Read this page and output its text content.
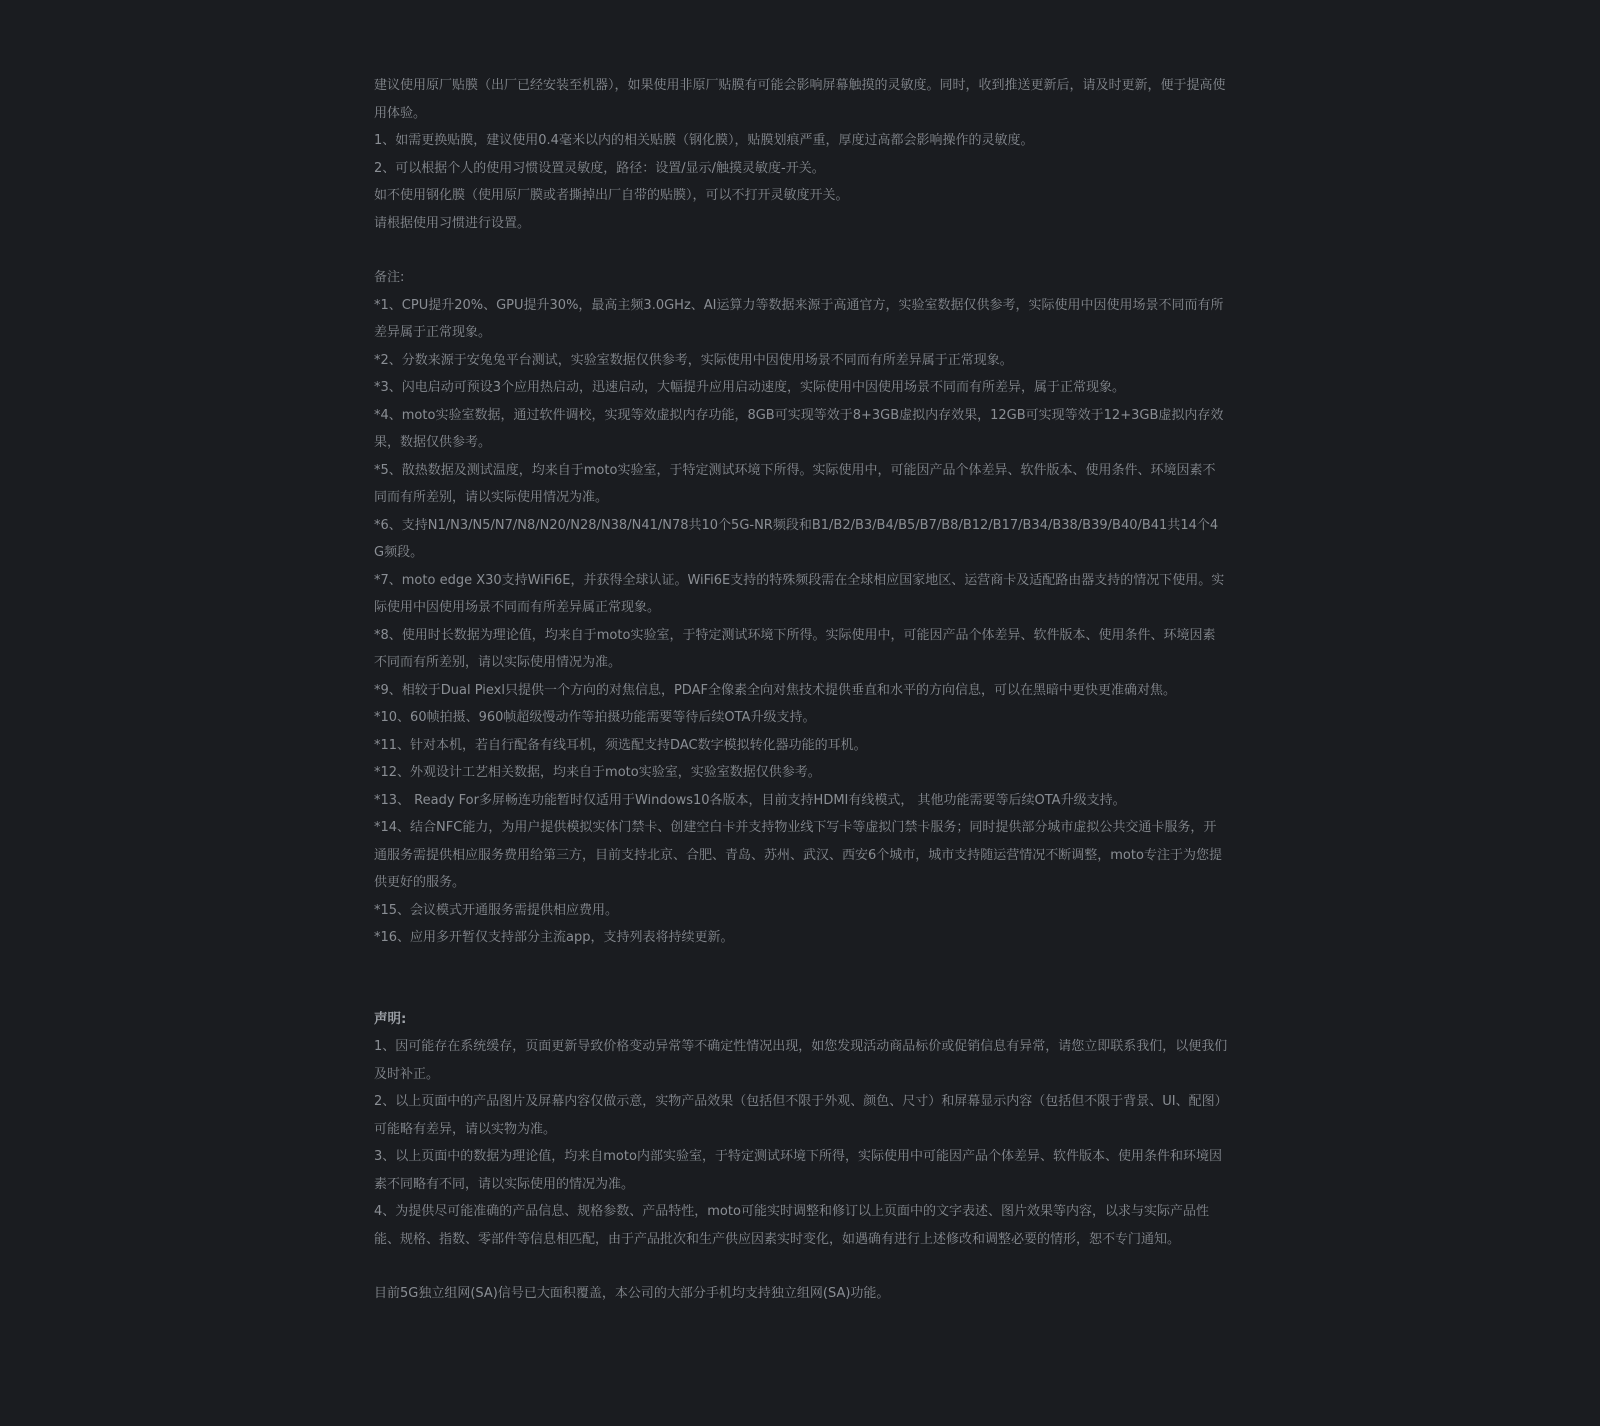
建议使用原厂贴膜（出厂已经安装至机器），如果使用非原厂贴膜有可能会影响屏幕触摸的灵敏度。同时，收到推送更新后，请及时更新，便于提高使用体验。

1、如需更换贴膜，建议使用0.4毫米以内的相关贴膜（钢化膜），贴膜划痕严重，厚度过高都会影响操作的灵敏度。

2、可以根据个人的使用习惯设置灵敏度，路径：设置/显示/触摸灵敏度-开关。

如不使用钢化膜（使用原厂膜或者撕掉出厂自带的贴膜），可以不打开灵敏度开关。

请根据使用习惯进行设置。

备注:

*1、CPU提升20%、GPU提升30%，最高主频3.0GHz、AI运算力等数据来源于高通官方，实验室数据仅供参考，实际使用中因使用场景不同而有所差异属于正常现象。

*2、分数来源于安兔兔平台测试，实验室数据仅供参考，实际使用中因使用场景不同而有所差异属于正常现象。

*3、闪电启动可预设3个应用热启动，迅速启动，大幅提升应用启动速度，实际使用中因使用场景不同而有所差异，属于正常现象。

*4、moto实验室数据，通过软件调校，实现等效虚拟内存功能，8GB可实现等效于8+3GB虚拟内存效果，12GB可实现等效于12+3GB虚拟内存效果，数据仅供参考。

*5、散热数据及测试温度，均来自于moto实验室，于特定测试环境下所得。实际使用中，可能因产品个体差异、软件版本、使用条件、环境因素不同而有所差别，请以实际使用情况为准。

*6、支持N1/N3/N5/N7/N8/N20/N28/N38/N41/N78共10个5G-NR频段和B1/B2/B3/B4/B5/B7/B8/B12/B17/B34/B38/B39/B40/B41共14个4G频段。

*7、moto edge X30支持WiFi6E，并获得全球认证。WiFi6E支持的特殊频段需在全球相应国家地区、运营商卡及适配路由器支持的情况下使用。实际使用中因使用场景不同而有所差异属正常现象。

*8、使用时长数据为理论值，均来自于moto实验室，于特定测试环境下所得。实际使用中，可能因产品个体差异、软件版本、使用条件、环境因素不同而有所差别，请以实际使用情况为准。

*9、相较于Dual Piexl只提供一个方向的对焦信息，PDAF全像素全向对焦技术提供垂直和水平的方向信息，可以在黑暗中更快更准确对焦。

*10、60帧拍摄、960帧超级慢动作等拍摄功能需要等待后续OTA升级支持。

*11、针对本机，若自行配备有线耳机，须选配支持DAC数字模拟转化器功能的耳机。

*12、外观设计工艺相关数据，均来自于moto实验室，实验室数据仅供参考。

*13、 Ready For多屏畅连功能暂时仅适用于Windows10各版本，目前支持HDMI有线模式， 其他功能需要等后续OTA升级支持。

*14、结合NFC能力，为用户提供模拟实体门禁卡、创建空白卡并支持物业线下写卡等虚拟门禁卡服务；同时提供部分城市虚拟公共交通卡服务，开通服务需提供相应服务费用给第三方，目前支持北京、合肥、青岛、苏州、武汉、西安6个城市，城市支持随运营情况不断调整，moto专注于为您提供更好的服务。

*15、会议模式开通服务需提供相应费用。

*16、应用多开暂仅支持部分主流app，支持列表将持续更新。

声明:

1、因可能存在系统缓存，页面更新导致价格变动异常等不确定性情况出现，如您发现活动商品标价或促销信息有异常，请您立即联系我们，以便我们及时补正。

2、以上页面中的产品图片及屏幕内容仅做示意，实物产品效果（包括但不限于外观、颜色、尺寸）和屏幕显示内容（包括但不限于背景、UI、配图）可能略有差异，请以实物为准。

3、以上页面中的数据为理论值，均来自moto内部实验室，于特定测试环境下所得，实际使用中可能因产品个体差异、软件版本、使用条件和环境因素不同略有不同，请以实际使用的情况为准。

4、为提供尽可能准确的产品信息、规格参数、产品特性，moto可能实时调整和修订以上页面中的文字表述、图片效果等内容，以求与实际产品性能、规格、指数、零部件等信息相匹配，由于产品批次和生产供应因素实时变化，如遇确有进行上述修改和调整必要的情形，恕不专门通知。

目前5G独立组网(SA)信号已大面积覆盖，本公司的大部分手机均支持独立组网(SA)功能。
